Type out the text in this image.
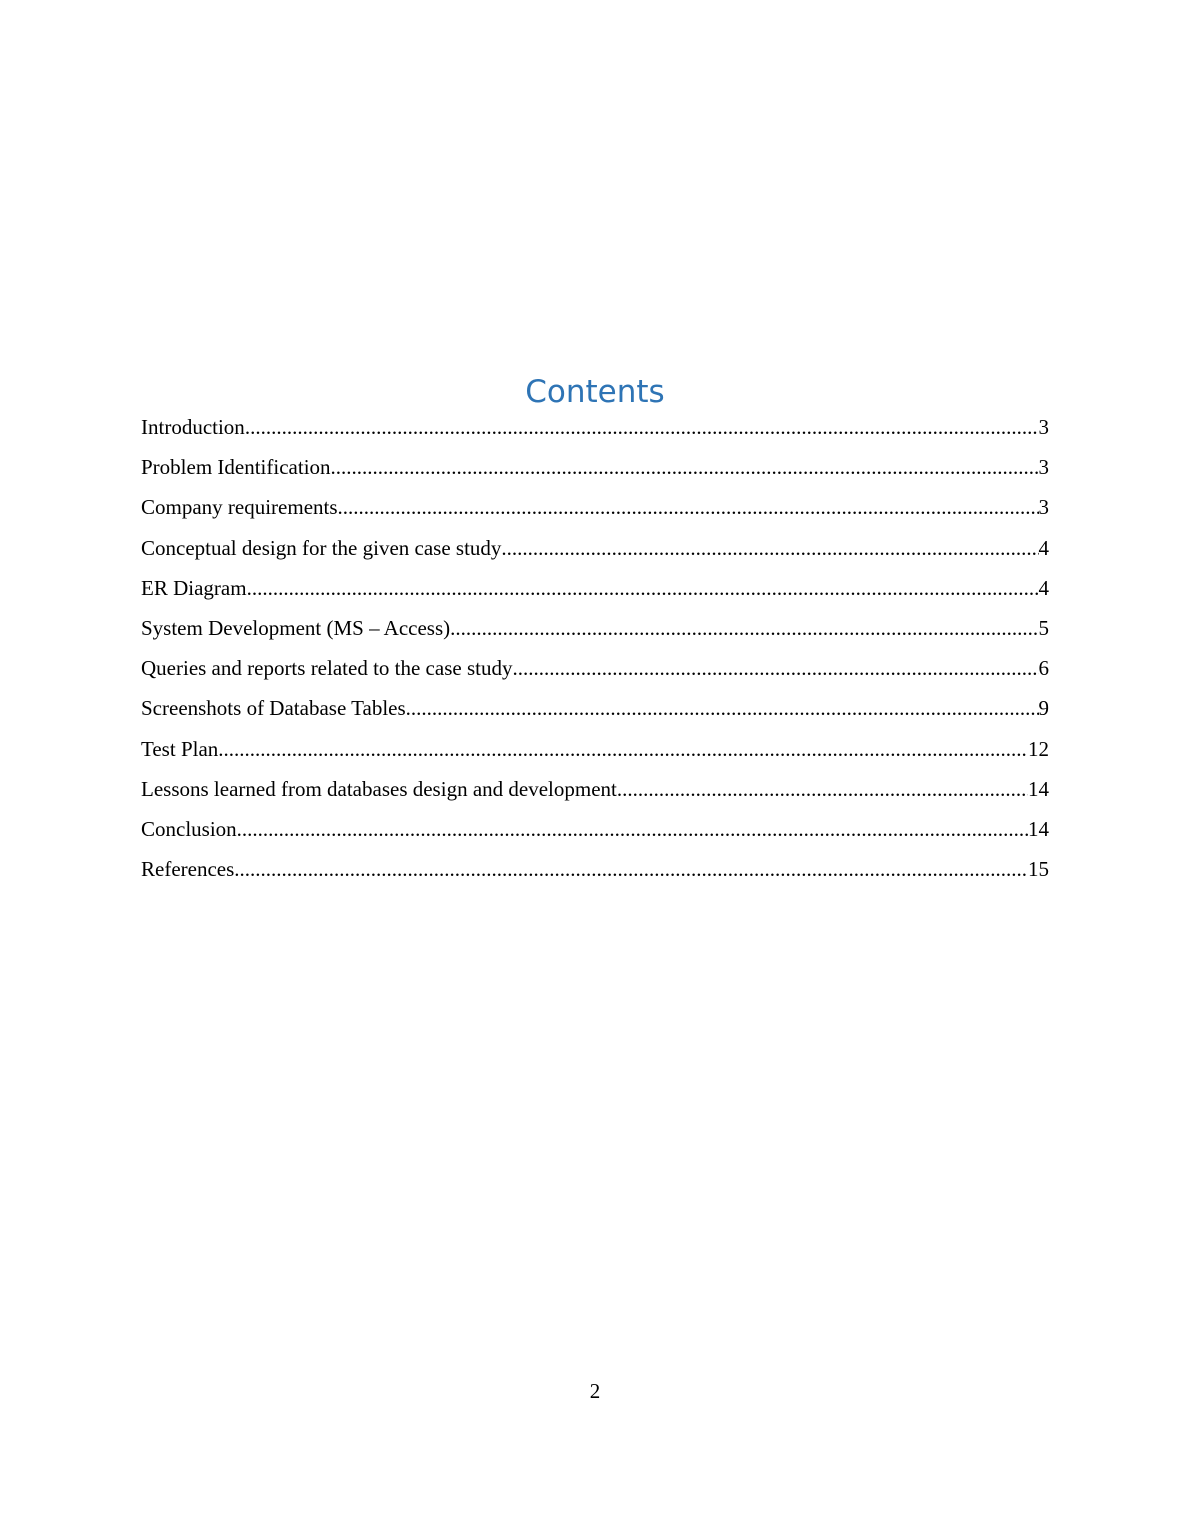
Contents
Introduction .....	3
Problem Identification .....	3
Company requirements .....	3
Conceptual design for the given case study .....	4
ER Diagram .....	4
System Development (MS – Access) .....	5
Queries and reports related to the case study .....	6
Screenshots of Database Tables .....	9
Test Plan .....	12
Lessons learned from databases design and development .....	14
Conclusion .....	14
References .....	15
2
